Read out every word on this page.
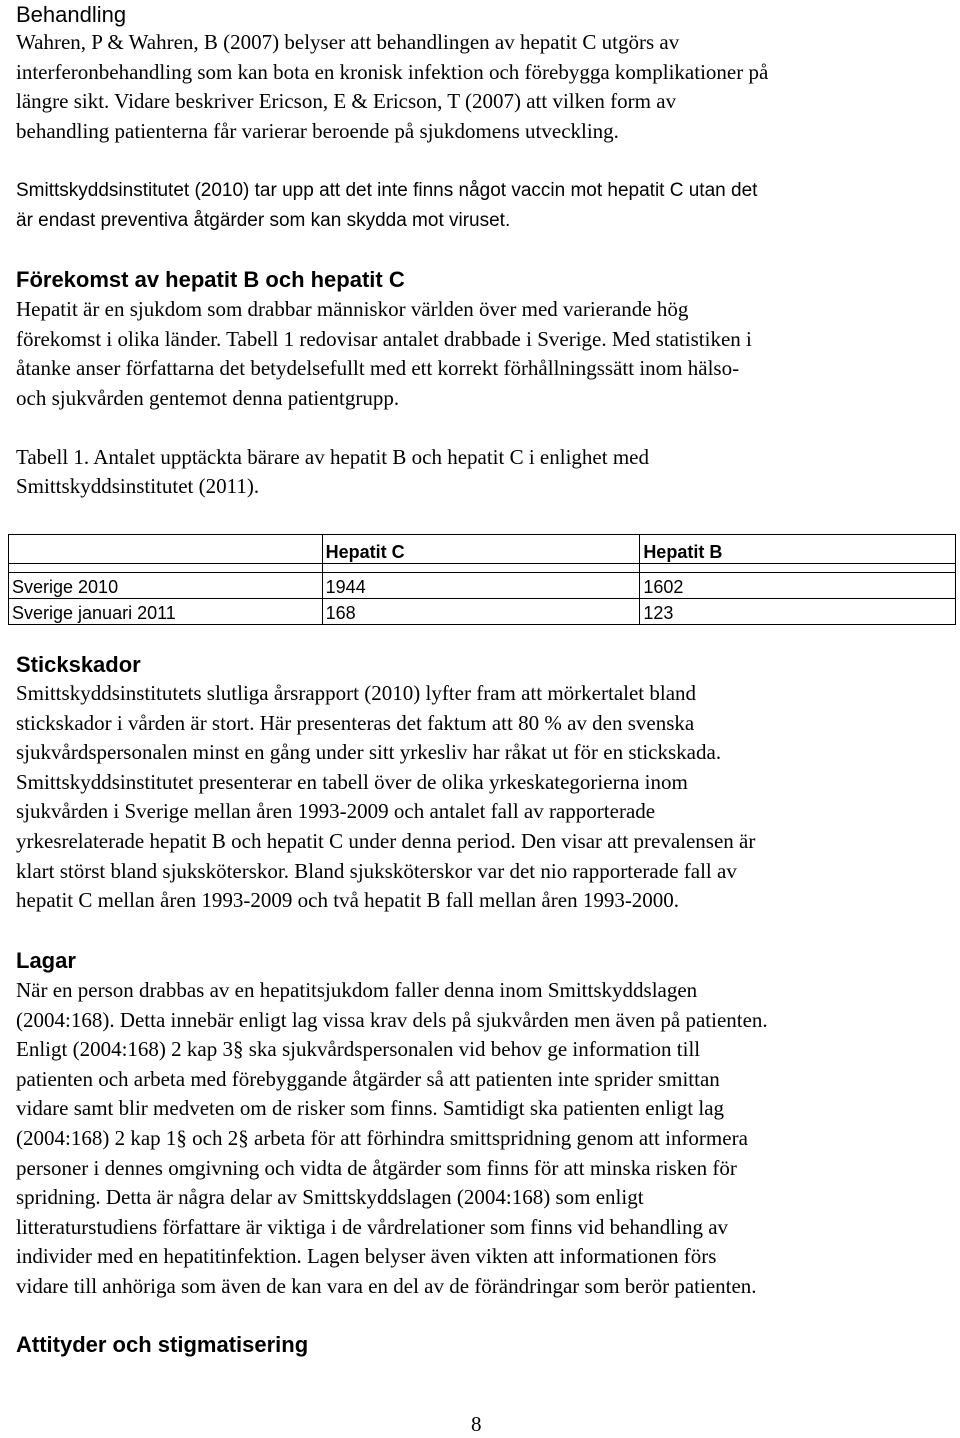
Behandling
Wahren, P & Wahren, B (2007) belyser att behandlingen av hepatit C utgörs av
interferonbehandling som kan bota en kronisk infektion och förebygga komplikationer på
längre sikt. Vidare beskriver Ericson, E & Ericson, T (2007) att vilken form av
behandling patienterna får varierar beroende på sjukdomens utveckling.
Smittskyddsinstitutet (2010) tar upp att det inte finns något vaccin mot hepatit C utan det
är endast preventiva åtgärder som kan skydda mot viruset.
Förekomst av hepatit B och hepatit C
Hepatit är en sjukdom som drabbar människor världen över med varierande hög
förekomst i olika länder. Tabell 1 redovisar antalet drabbade i Sverige. Med statistiken i
åtanke anser författarna det betydelsefullt med ett korrekt förhållningssätt inom hälso-
och sjukvården gentemot denna patientgrupp.
Tabell 1. Antalet upptäckta bärare av hepatit B och hepatit C i enlighet med
Smittskyddsinstitutet (2011).
	Hepatit C	Hepatit B

Sverige 2010	1944	1602
Sverige januari 2011	168	123
Stickskador
Smittskyddsinstitutets slutliga årsrapport (2010) lyfter fram att mörkertalet bland
stickskador i vården är stort. Här presenteras det faktum att 80 % av den svenska
sjukvårdspersonalen minst en gång under sitt yrkesliv har råkat ut för en stickskada.
Smittskyddsinstitutet presenterar en tabell över de olika yrkeskategorierna inom
sjukvården i Sverige mellan åren 1993-2009 och antalet fall av rapporterade
yrkesrelaterade hepatit B och hepatit C under denna period. Den visar att prevalensen är
klart störst bland sjuksköterskor. Bland sjuksköterskor var det nio rapporterade fall av
hepatit C mellan åren 1993-2009 och två hepatit B fall mellan åren 1993-2000.
Lagar
När en person drabbas av en hepatitsjukdom faller denna inom Smittskyddslagen
(2004:168). Detta innebär enligt lag vissa krav dels på sjukvården men även på patienten.
Enligt (2004:168) 2 kap 3§ ska sjukvårdspersonalen vid behov ge information till
patienten och arbeta med förebyggande åtgärder så att patienten inte sprider smittan
vidare samt blir medveten om de risker som finns. Samtidigt ska patienten enligt lag
(2004:168) 2 kap 1§ och 2§ arbeta för att förhindra smittspridning genom att informera
personer i dennes omgivning och vidta de åtgärder som finns för att minska risken för
spridning. Detta är några delar av Smittskyddslagen (2004:168) som enligt
litteraturstudiens författare är viktiga i de vårdrelationer som finns vid behandling av
individer med en hepatitinfektion. Lagen belyser även vikten att informationen förs
vidare till anhöriga som även de kan vara en del av de förändringar som berör patienten.
Attityder och stigmatisering
8
